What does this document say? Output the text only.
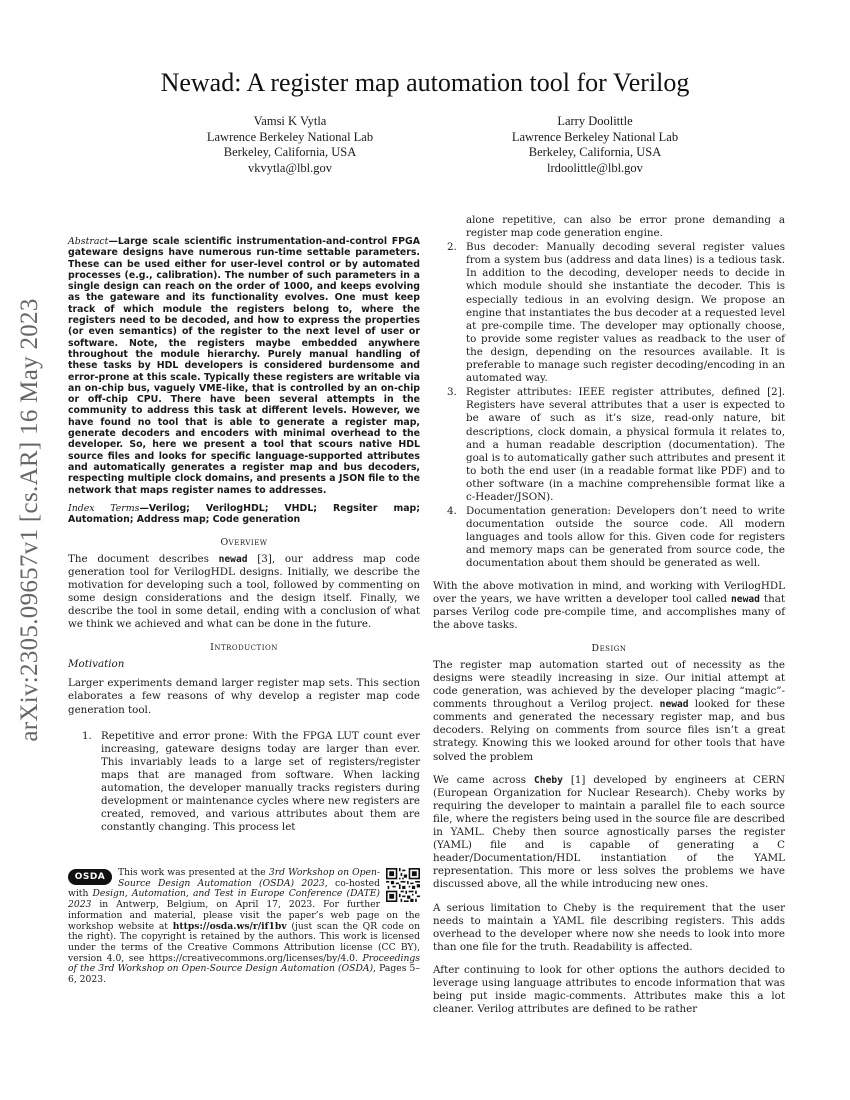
arXiv:2305.09657v1 [cs.AR] 16 May 2023
Newad: A register map automation tool for Verilog
Vamsi K Vytla
Lawrence Berkeley National Lab
Berkeley, California, USA
vkvytla@lbl.gov
Larry Doolittle
Lawrence Berkeley National Lab
Berkeley, California, USA
lrdoolittle@lbl.gov
Abstract—Large scale scientific instrumentation-and-control FPGA gateware designs have numerous run-time settable parameters. These can be used either for user-level control or by automated processes (e.g., calibration). The number of such parameters in a single design can reach on the order of 1000, and keeps evolving as the gateware and its functionality evolves. One must keep track of which module the registers belong to, where the registers need to be decoded, and how to express the properties (or even semantics) of the register to the next level of user or software. Note, the registers maybe embedded anywhere throughout the module hierarchy. Purely manual handling of these tasks by HDL developers is considered burdensome and error-prone at this scale. Typically these registers are writable via an on-chip bus, vaguely VME-like, that is controlled by an on-chip or off-chip CPU. There have been several attempts in the community to address this task at different levels. However, we have found no tool that is able to generate a register map, generate decoders and encoders with minimal overhead to the developer. So, here we present a tool that scours native HDL source files and looks for specific language-supported attributes and automatically generates a register map and bus decoders, respecting multiple clock domains, and presents a JSON file to the network that maps register names to addresses.
Index Terms—Verilog; VerilogHDL; VHDL; Regsiter map; Automation; Address map; Code generation
Overview
The document describes newad [3], our address map code generation tool for VerilogHDL designs. Initially, we describe the motivation for developing such a tool, followed by commenting on some design considerations and the design itself. Finally, we describe the tool in some detail, ending with a conclusion of what we think we achieved and what can be done in the future.
Introduction
Motivation
Larger experiments demand larger register map sets. This section elaborates a few reasons of why develop a register map code generation tool.
1. Repetitive and error prone: With the FPGA LUT count ever increasing, gateware designs today are larger than ever. This invariably leads to a large set of registers/register maps that are managed from software. When lacking automation, the developer manually tracks registers during development or maintenance cycles where new registers are created, removed, and various attributes about them are constantly changing. This process let
OSDA	This work was presented at the 3rd Workshop on Open-Source Design Automation (OSDA) 2023, co-hosted with Design, Automation, and Test in Europe Conference (DATE) 2023 in Antwerp, Belgium, on April 17, 2023. For further information and material, please visit the paper’s web page on the workshop website at https://osda.ws/r/if1bv (just scan the QR code on the right). The copyright is retained by the authors. This work is licensed under the terms of the Creative Commons Attribution license (CC BY), version 4.0, see https://creativecommons.org/licenses/by/4.0. Proceedings of the 3rd Workshop on Open-Source Design Automation (OSDA), Pages 5–6, 2023.
alone repetitive, can also be error prone demanding a register map code generation engine.
2. Bus decoder: Manually decoding several register values from a system bus (address and data lines) is a tedious task. In addition to the decoding, developer needs to decide in which module should she instantiate the decoder. This is especially tedious in an evolving design. We propose an engine that instantiates the bus decoder at a requested level at pre-compile time. The developer may optionally choose, to provide some register values as readback to the user of the design, depending on the resources available. It is preferable to manage such register decoding/encoding in an automated way.
3. Register attributes: IEEE register attributes, defined [2]. Registers have several attributes that a user is expected to be aware of such as it’s size, read-only nature, bit descriptions, clock domain, a physical formula it relates to, and a human readable description (documentation). The goal is to automatically gather such attributes and present it to both the end user (in a readable format like PDF) and to other software (in a machine comprehensible format like a c-Header/JSON).
4. Documentation generation: Developers don’t need to write documentation outside the source code. All modern languages and tools allow for this. Given code for registers and memory maps can be generated from source code, the documentation about them should be generated as well.
With the above motivation in mind, and working with VerilogHDL over the years, we have written a developer tool called newad that parses Verilog code pre-compile time, and accomplishes many of the above tasks.
Design
The register map automation started out of necessity as the designs were steadily increasing in size. Our initial attempt at code generation, was achieved by the developer placing “magic”-comments throughout a Verilog project. newad looked for these comments and generated the necessary register map, and bus decoders. Relying on comments from source files isn’t a great strategy. Knowing this we looked around for other tools that have solved the problem
We came across Cheby [1] developed by engineers at CERN (European Organization for Nuclear Research). Cheby works by requiring the developer to maintain a parallel file to each source file, where the registers being used in the source file are described in YAML. Cheby then source agnostically parses the register (YAML) file and is capable of generating a C header/Documentation/HDL instantiation of the YAML representation. This more or less solves the problems we have discussed above, all the while introducing new ones.
A serious limitation to Cheby is the requirement that the user needs to maintain a YAML file describing registers. This adds overhead to the developer where now she needs to look into more than one file for the truth. Readability is affected.
After continuing to look for other options the authors decided to leverage using language attributes to encode information that was being put inside magic-comments. Attributes make this a lot cleaner. Verilog attributes are defined to be rather
